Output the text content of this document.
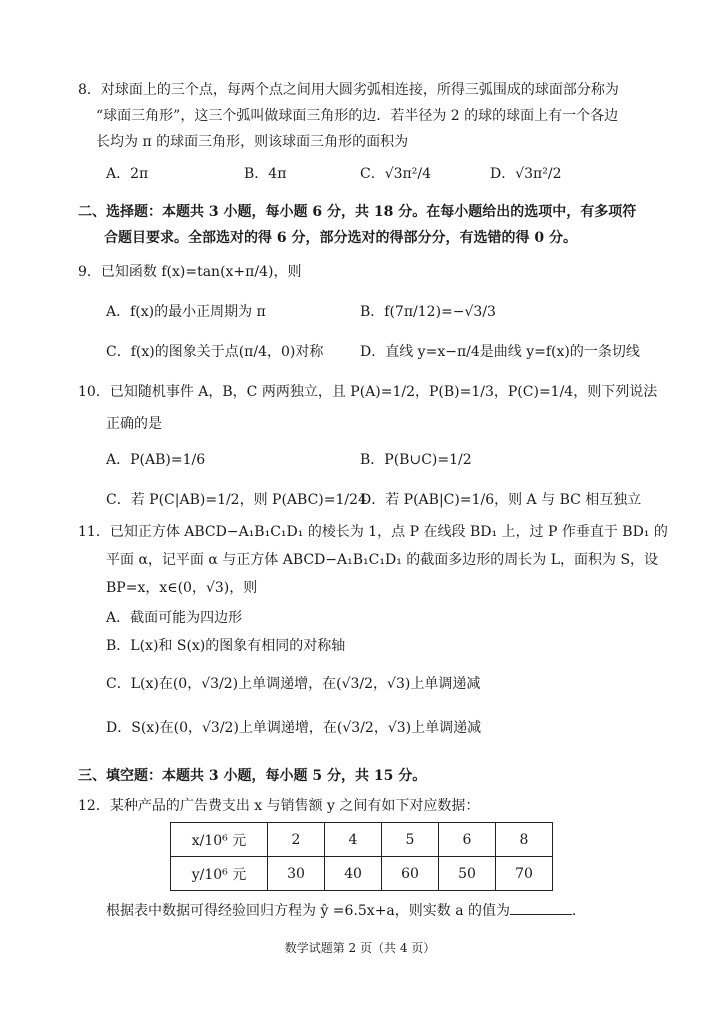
8．对球面上的三个点，每两个点之间用大圆劣弧相连接，所得三弧围成的球面部分称为
“球面三角形”，这三个弧叫做球面三角形的边．若半径为 2 的球的球面上有一个各边
长均为 π 的球面三角形，则该球面三角形的面积为
A．2π	B．4π	C．√3π²/4	D．√3π²/2
二、选择题：本题共 3 小题，每小题 6 分，共 18 分。在每小题给出的选项中，有多项符
合题目要求。全部选对的得 6 分，部分选对的得部分分，有选错的得 0 分。
9．已知函数 f(x)=tan(x+π/4)，则
A．f(x)的最小正周期为 π	B．f(7π/12)=−√3/3
C．f(x)的图象关于点(π/4，0)对称	D．直线 y=x−π/4是曲线 y=f(x)的一条切线
10．已知随机事件 A，B，C 两两独立，且 P(A)=1/2，P(B)=1/3，P(C)=1/4，则下列说法
正确的是
A．P(AB)=1/6	B．P(B∪C)=1/2
C．若 P(C|AB)=1/2，则 P(ABC)=1/24
D．若 P(AB|C)=1/6，则 A 与 BC 相互独立
11．已知正方体 ABCD−A₁B₁C₁D₁ 的棱长为 1，点 P 在线段 BD₁ 上，过 P 作垂直于 BD₁ 的
平面 α，记平面 α 与正方体 ABCD−A₁B₁C₁D₁ 的截面多边形的周长为 L，面积为 S，设
BP=x，x∈(0，√3)，则
A．截面可能为四边形
B．L(x)和 S(x)的图象有相同的对称轴
C．L(x)在(0，√3/2)上单调递增，在(√3/2，√3)上单调递减
D．S(x)在(0，√3/2)上单调递增，在(√3/2，√3)上单调递减
三、填空题：本题共 3 小题，每小题 5 分，共 15 分。
12．某种产品的广告费支出 x 与销售额 y 之间有如下对应数据：
x/10⁶ 元	2	4	5	6	8
y/10⁶ 元	30	40	60	50	70
根据表中数据可得经验回归方程为 ŷ =6.5x+a，则实数 a 的值为	．
数学试题第 2 页（共 4 页）
